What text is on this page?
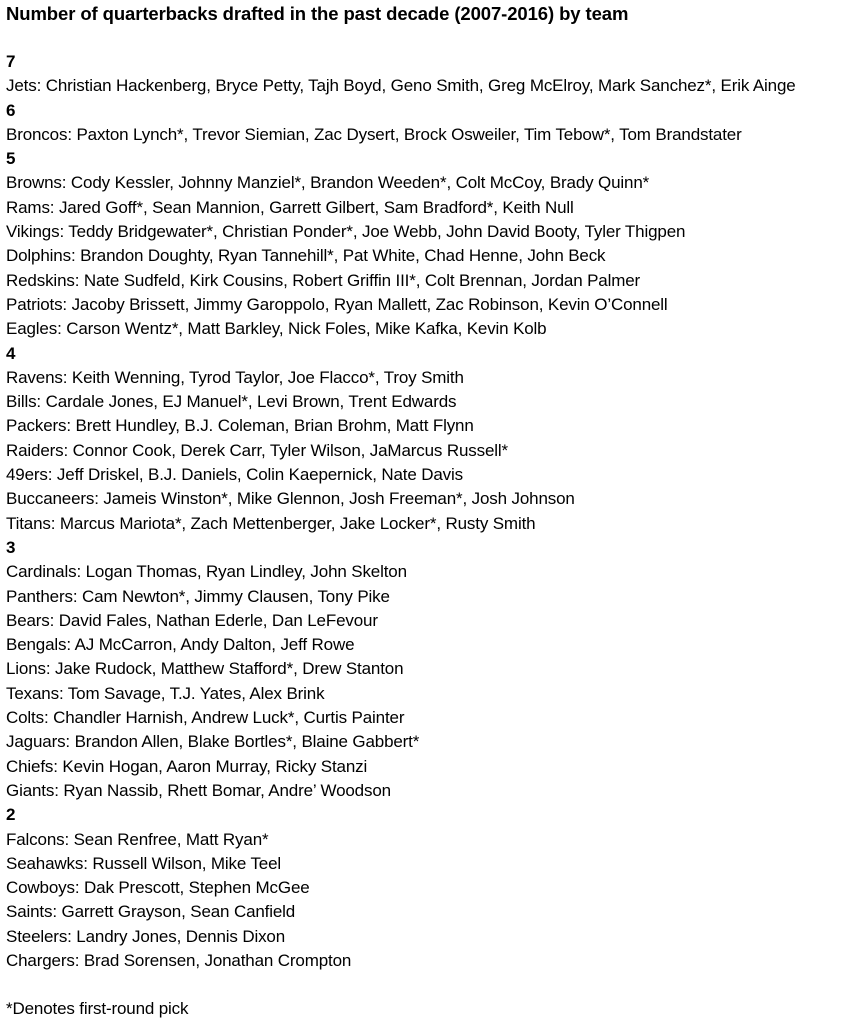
Number of quarterbacks drafted in the past decade (2007-2016) by team
7
Jets: Christian Hackenberg, Bryce Petty, Tajh Boyd, Geno Smith, Greg McElroy, Mark Sanchez*, Erik Ainge
6
Broncos: Paxton Lynch*, Trevor Siemian, Zac Dysert, Brock Osweiler, Tim Tebow*, Tom Brandstater
5
Browns: Cody Kessler, Johnny Manziel*, Brandon Weeden*, Colt McCoy, Brady Quinn*
Rams: Jared Goff*, Sean Mannion, Garrett Gilbert, Sam Bradford*, Keith Null
Vikings: Teddy Bridgewater*, Christian Ponder*, Joe Webb, John David Booty, Tyler Thigpen
Dolphins: Brandon Doughty, Ryan Tannehill*, Pat White, Chad Henne, John Beck
Redskins: Nate Sudfeld, Kirk Cousins, Robert Griffin III*, Colt Brennan, Jordan Palmer
Patriots: Jacoby Brissett, Jimmy Garoppolo, Ryan Mallett, Zac Robinson, Kevin O’Connell
Eagles: Carson Wentz*, Matt Barkley, Nick Foles, Mike Kafka, Kevin Kolb
4
Ravens: Keith Wenning, Tyrod Taylor, Joe Flacco*, Troy Smith
Bills: Cardale Jones, EJ Manuel*, Levi Brown, Trent Edwards
Packers: Brett Hundley, B.J. Coleman, Brian Brohm, Matt Flynn
Raiders: Connor Cook, Derek Carr, Tyler Wilson, JaMarcus Russell*
49ers: Jeff Driskel, B.J. Daniels, Colin Kaepernick, Nate Davis
Buccaneers: Jameis Winston*, Mike Glennon, Josh Freeman*, Josh Johnson
Titans: Marcus Mariota*, Zach Mettenberger, Jake Locker*, Rusty Smith
3
Cardinals: Logan Thomas, Ryan Lindley, John Skelton
Panthers: Cam Newton*, Jimmy Clausen, Tony Pike
Bears: David Fales, Nathan Ederle, Dan LeFevour
Bengals: AJ McCarron, Andy Dalton, Jeff Rowe
Lions: Jake Rudock, Matthew Stafford*, Drew Stanton
Texans: Tom Savage, T.J. Yates, Alex Brink
Colts: Chandler Harnish, Andrew Luck*, Curtis Painter
Jaguars: Brandon Allen, Blake Bortles*, Blaine Gabbert*
Chiefs: Kevin Hogan, Aaron Murray, Ricky Stanzi
Giants: Ryan Nassib, Rhett Bomar, Andre’ Woodson
2
Falcons: Sean Renfree, Matt Ryan*
Seahawks: Russell Wilson, Mike Teel
Cowboys: Dak Prescott, Stephen McGee
Saints: Garrett Grayson, Sean Canfield
Steelers: Landry Jones, Dennis Dixon
Chargers: Brad Sorensen, Jonathan Crompton
*Denotes first-round pick
